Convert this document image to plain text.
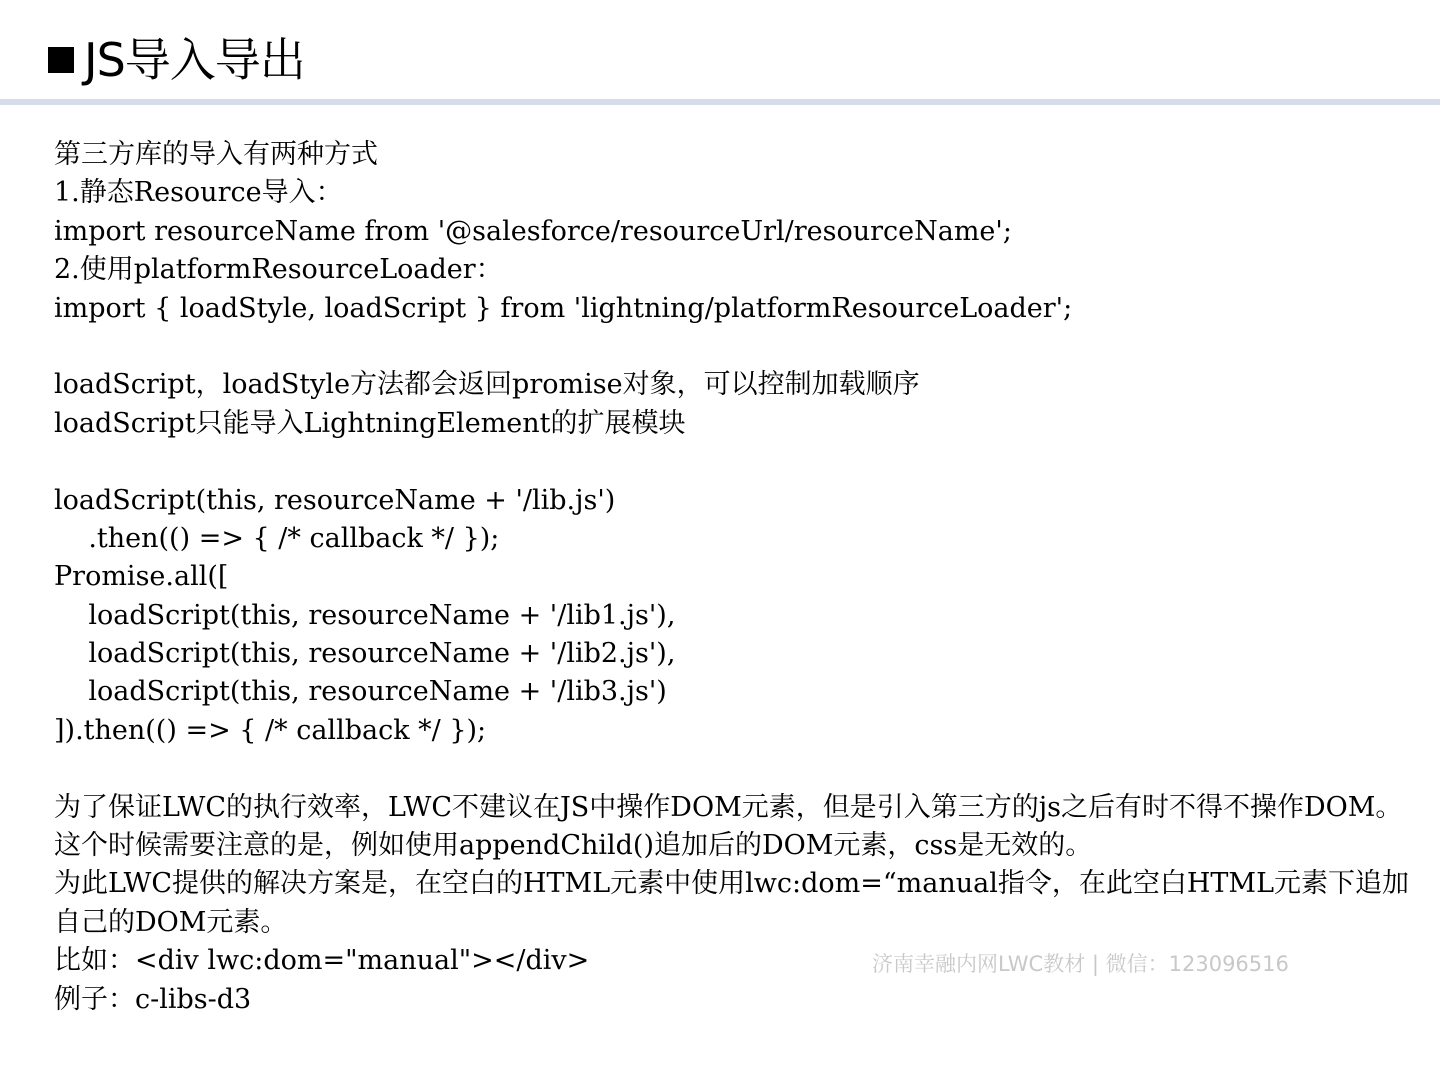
JS导入导出
第三方库的导入有两种方式
1.静态Resource导入：
import resourceName from '@salesforce/resourceUrl/resourceName';
2.使用platformResourceLoader：
import { loadStyle, loadScript } from 'lightning/platformResourceLoader';
loadScript，loadStyle方法都会返回promise对象，可以控制加载顺序
loadScript只能导入LightningElement的扩展模块
loadScript(this, resourceName + '/lib.js')
.then(() => { /* callback */ });
Promise.all([
loadScript(this, resourceName + '/lib1.js'),
loadScript(this, resourceName + '/lib2.js'),
loadScript(this, resourceName + '/lib3.js')
]).then(() => { /* callback */ });
为了保证LWC的执行效率，LWC不建议在JS中操作DOM元素，但是引入第三方的js之后有时不得不操作DOM。这个时候需要注意的是，例如使用appendChild()追加后的DOM元素，css是无效的。
为此LWC提供的解决方案是，在空白的HTML元素中使用lwc:dom=“manual指令，在此空白HTML元素下追加自己的DOM元素。
比如：<div lwc:dom="manual"></div>
例子：c-libs-d3
济南幸融内网LWC教材 | 微信：123096516
